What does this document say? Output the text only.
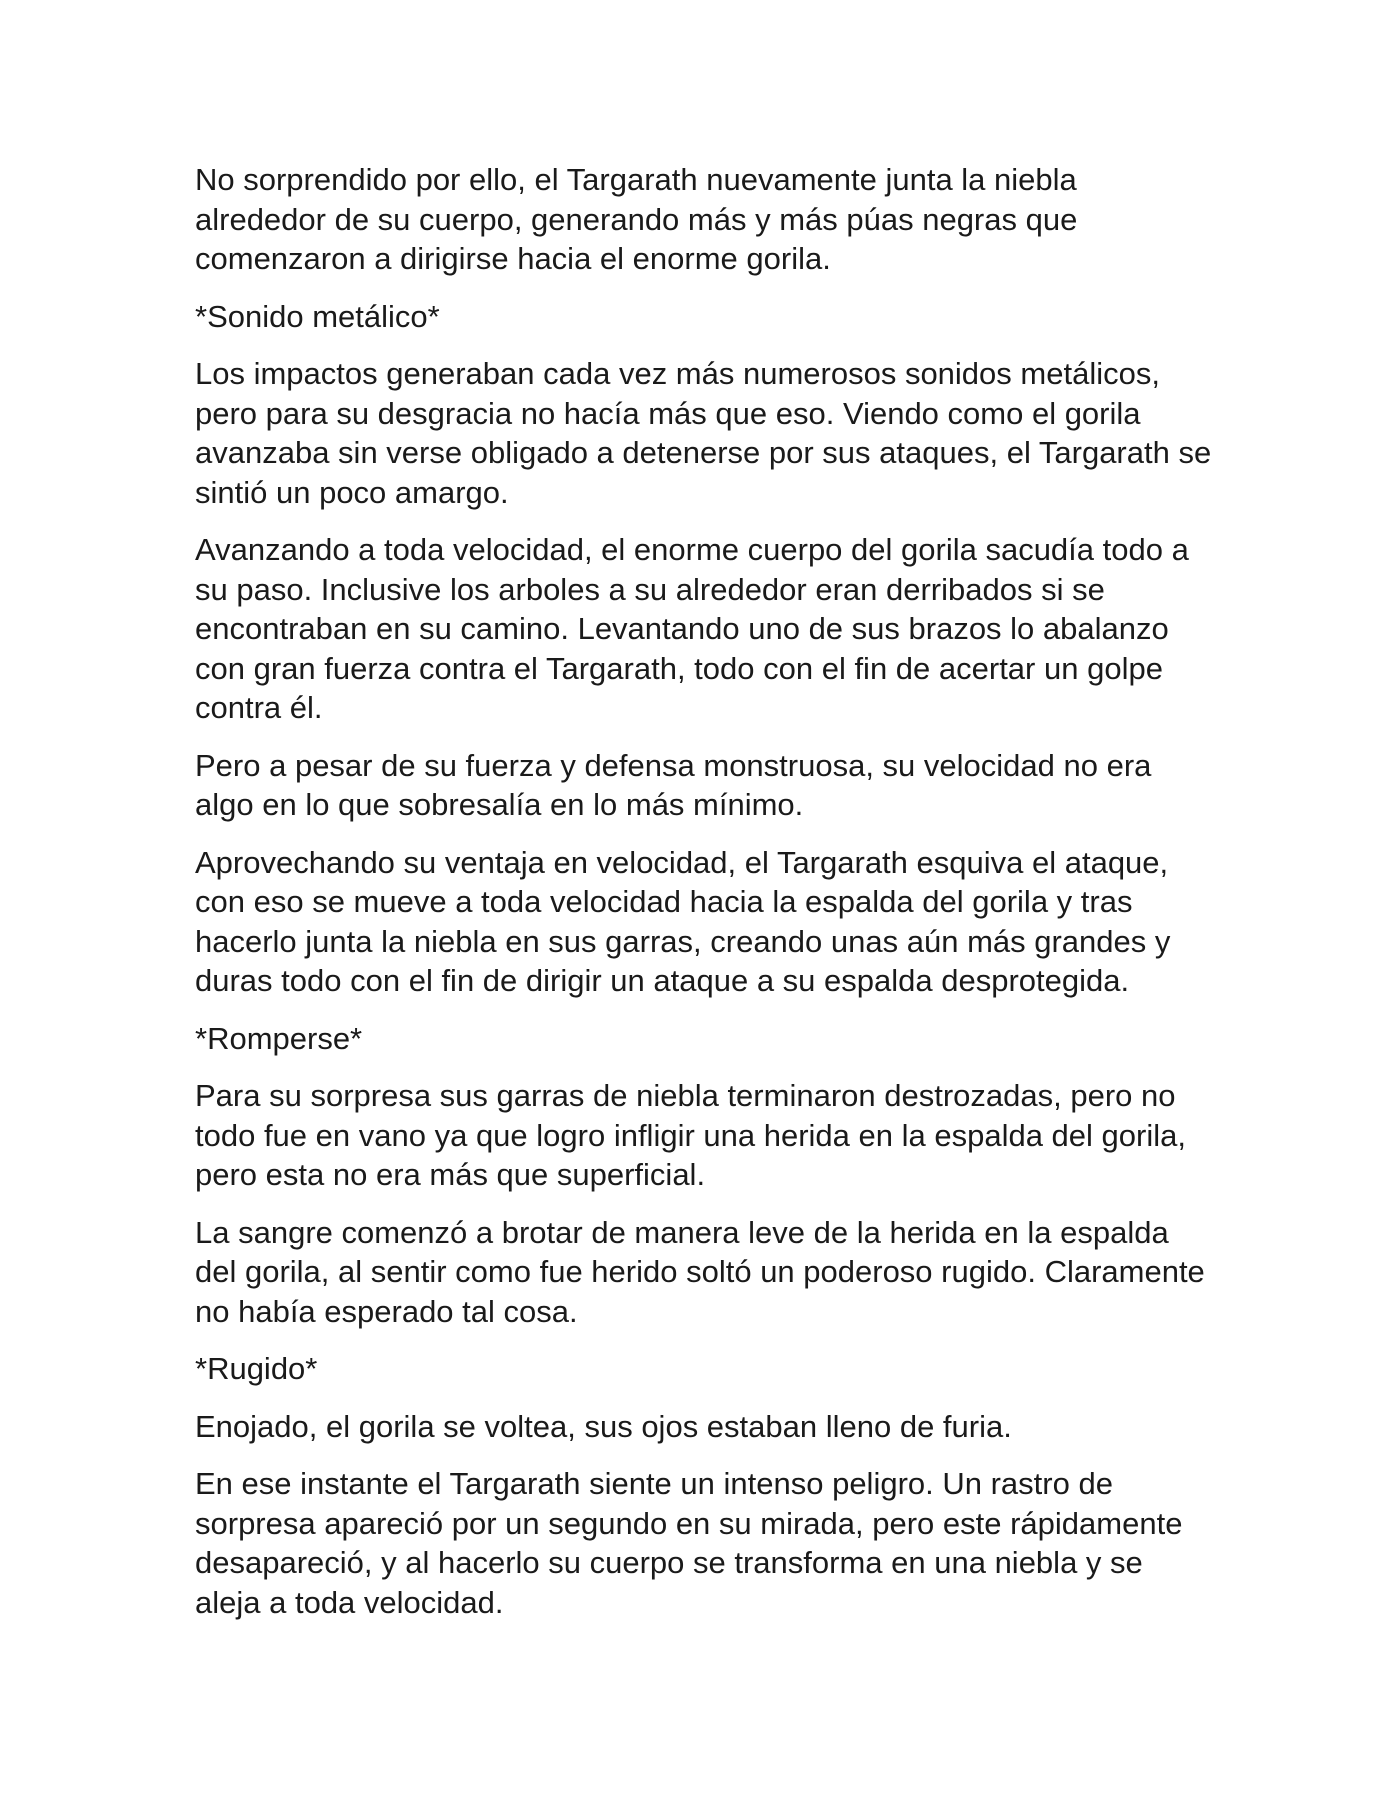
No sorprendido por ello, el Targarath nuevamente junta la niebla alrededor de su cuerpo, generando más y más púas negras que comenzaron a dirigirse hacia el enorme gorila.

*Sonido metálico*

Los impactos generaban cada vez más numerosos sonidos metálicos, pero para su desgracia no hacía más que eso. Viendo como el gorila avanzaba sin verse obligado a detenerse por sus ataques, el Targarath se sintió un poco amargo.

Avanzando a toda velocidad, el enorme cuerpo del gorila sacudía todo a su paso. Inclusive los arboles a su alrededor eran derribados si se encontraban en su camino. Levantando uno de sus brazos lo abalanzo con gran fuerza contra el Targarath, todo con el fin de acertar un golpe contra él.

Pero a pesar de su fuerza y defensa monstruosa, su velocidad no era algo en lo que sobresalía en lo más mínimo.

Aprovechando su ventaja en velocidad, el Targarath esquiva el ataque, con eso se mueve a toda velocidad hacia la espalda del gorila y tras hacerlo junta la niebla en sus garras, creando unas aún más grandes y duras todo con el fin de dirigir un ataque a su espalda desprotegida.

*Romperse*

Para su sorpresa sus garras de niebla terminaron destrozadas, pero no todo fue en vano ya que logro infligir una herida en la espalda del gorila, pero esta no era más que superficial.

La sangre comenzó a brotar de manera leve de la herida en la espalda del gorila, al sentir como fue herido soltó un poderoso rugido. Claramente no había esperado tal cosa.

*Rugido*

Enojado, el gorila se voltea, sus ojos estaban lleno de furia.

En ese instante el Targarath siente un intenso peligro. Un rastro de sorpresa apareció por un segundo en su mirada, pero este rápidamente desapareció, y al hacerlo su cuerpo se transforma en una niebla y se aleja a toda velocidad.
